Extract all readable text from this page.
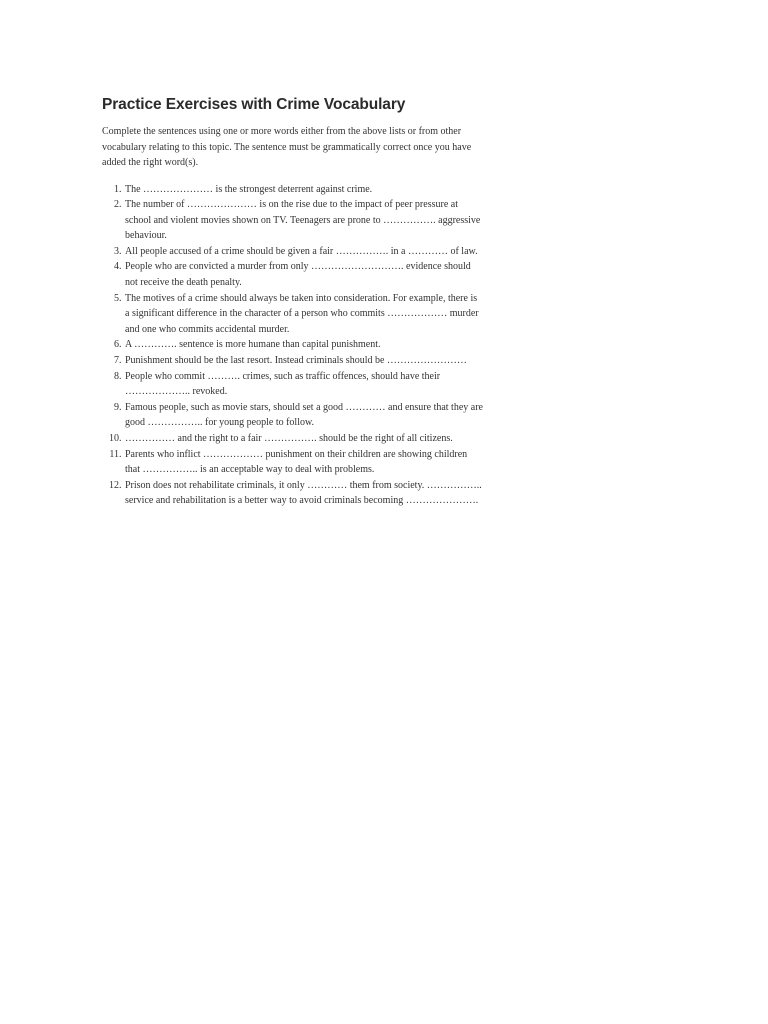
Practice Exercises with Crime Vocabulary

Complete the sentences using one or more words either from the above lists or from other vocabulary relating to this topic. The sentence must be grammatically correct once you have added the right word(s).

1. The ………………… is the strongest deterrent against crime.
2. The number of ………………… is on the rise due to the impact of peer pressure at school and violent movies shown on TV. Teenagers are prone to ……………. aggressive behaviour.
3. All people accused of a crime should be given a fair ……………. in a ………… of law.
4. People who are convicted a murder from only ………………………. evidence should not receive the death penalty.
5. The motives of a crime should always be taken into consideration. For example, there is a significant difference in the character of a person who commits ……………… murder and one who commits accidental murder.
6. A …………. sentence is more humane than capital punishment.
7. Punishment should be the last resort. Instead criminals should be ……………………
8. People who commit ………. crimes, such as traffic offences, should have their ……………….. revoked.
9. Famous people, such as movie stars, should set a good ………… and ensure that they are good …………….. for young people to follow.
10. …………… and the right to a fair ……………. should be the right of all citizens.
11. Parents who inflict ……………… punishment on their children are showing children that …………….. is an acceptable way to deal with problems.
12. Prison does not rehabilitate criminals, it only ………… them from society. …………….. service and rehabilitation is a better way to avoid criminals becoming ………………….
